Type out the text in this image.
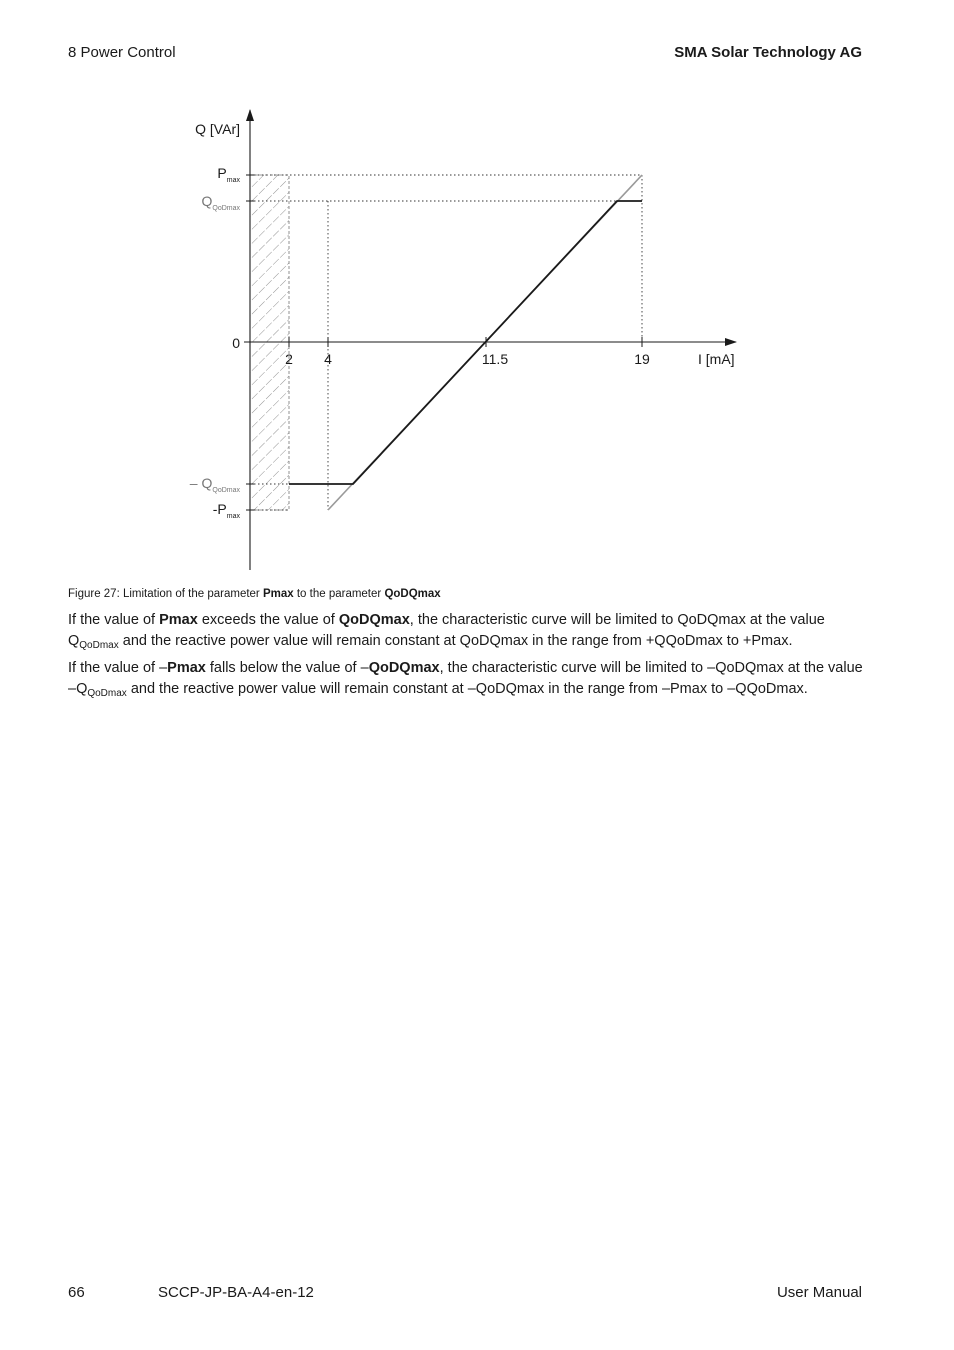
8 Power Control	SMA Solar Technology AG
Q [VAr]
I [mA]
$P_{max}$
$Q_{QoDmax}$
0
– $Q_{QoDmax}$
$-P_{max}$
2 4	11.5	19
Figure 27: Limitation of the parameter Pmax to the parameter QoDQmax
If the value of Pmax exceeds the value of QoDQmax, the characteristic curve will be limited to QoDQmax at the value $Q_{QoDmax}$ and the reactive power value will remain constant at QoDQmax in the range from +QQoDmax to +Pmax.
If the value of –Pmax falls below the value of –QoDQmax, the characteristic curve will be limited to –QoDQmax at the value $-Q_{QoDmax}$ and the reactive power value will remain constant at –QoDQmax in the range from –Pmax to –QQoDmax.
66	SCCP-JP-BA-A4-en-12	User Manual
